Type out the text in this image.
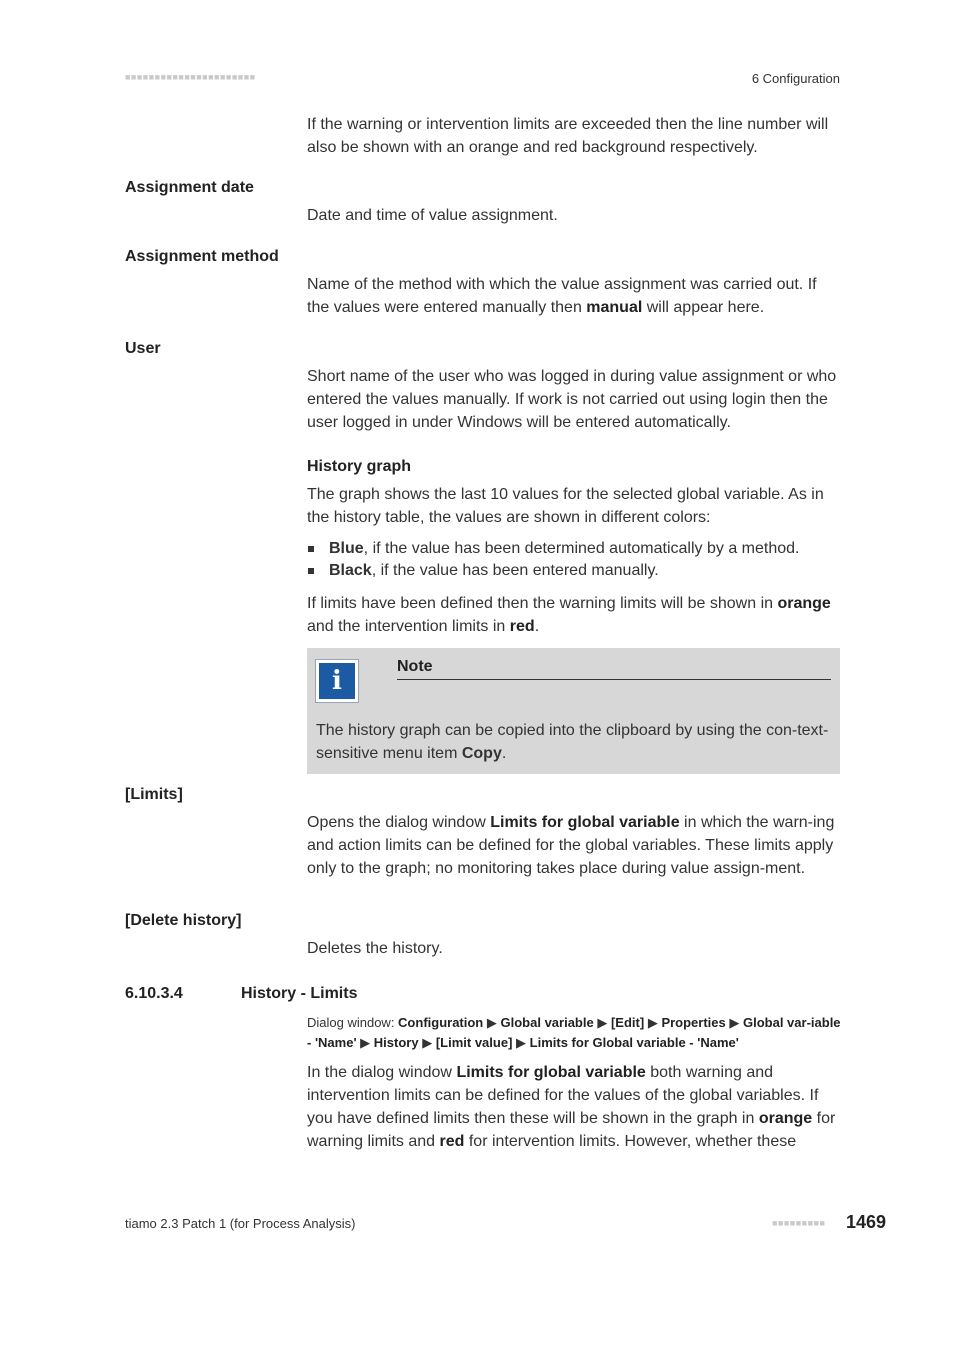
■■■■■■■■■■■■■■■■■■■■■■	6 Configuration
If the warning or intervention limits are exceeded then the line number will also be shown with an orange and red background respectively.
Assignment date
Date and time of value assignment.
Assignment method
Name of the method with which the value assignment was carried out. If the values were entered manually then manual will appear here.
User
Short name of the user who was logged in during value assignment or who entered the values manually. If work is not carried out using login then the user logged in under Windows will be entered automatically.
History graph
The graph shows the last 10 values for the selected global variable. As in the history table, the values are shown in different colors:
Blue, if the value has been determined automatically by a method.
Black, if the value has been entered manually.
If limits have been defined then the warning limits will be shown in orange and the intervention limits in red.
i	Note
The history graph can be copied into the clipboard by using the con-text-sensitive menu item Copy.
[Limits]
Opens the dialog window Limits for global variable in which the warn-ing and action limits can be defined for the global variables. These limits apply only to the graph; no monitoring takes place during value assign-ment.
[Delete history]
Deletes the history.
6.10.3.4	History - Limits
Dialog window: Configuration ▶ Global variable ▶ [Edit] ▶ Properties ▶ Global var-iable - 'Name' ▶ History ▶ [Limit value] ▶ Limits for Global variable - 'Name'
In the dialog window Limits for global variable both warning and intervention limits can be defined for the values of the global variables. If you have defined limits then these will be shown in the graph in orange for warning limits and red for intervention limits. However, whether these
tiamo 2.3 Patch 1 (for Process Analysis)	■■■■■■■■■ 1469
